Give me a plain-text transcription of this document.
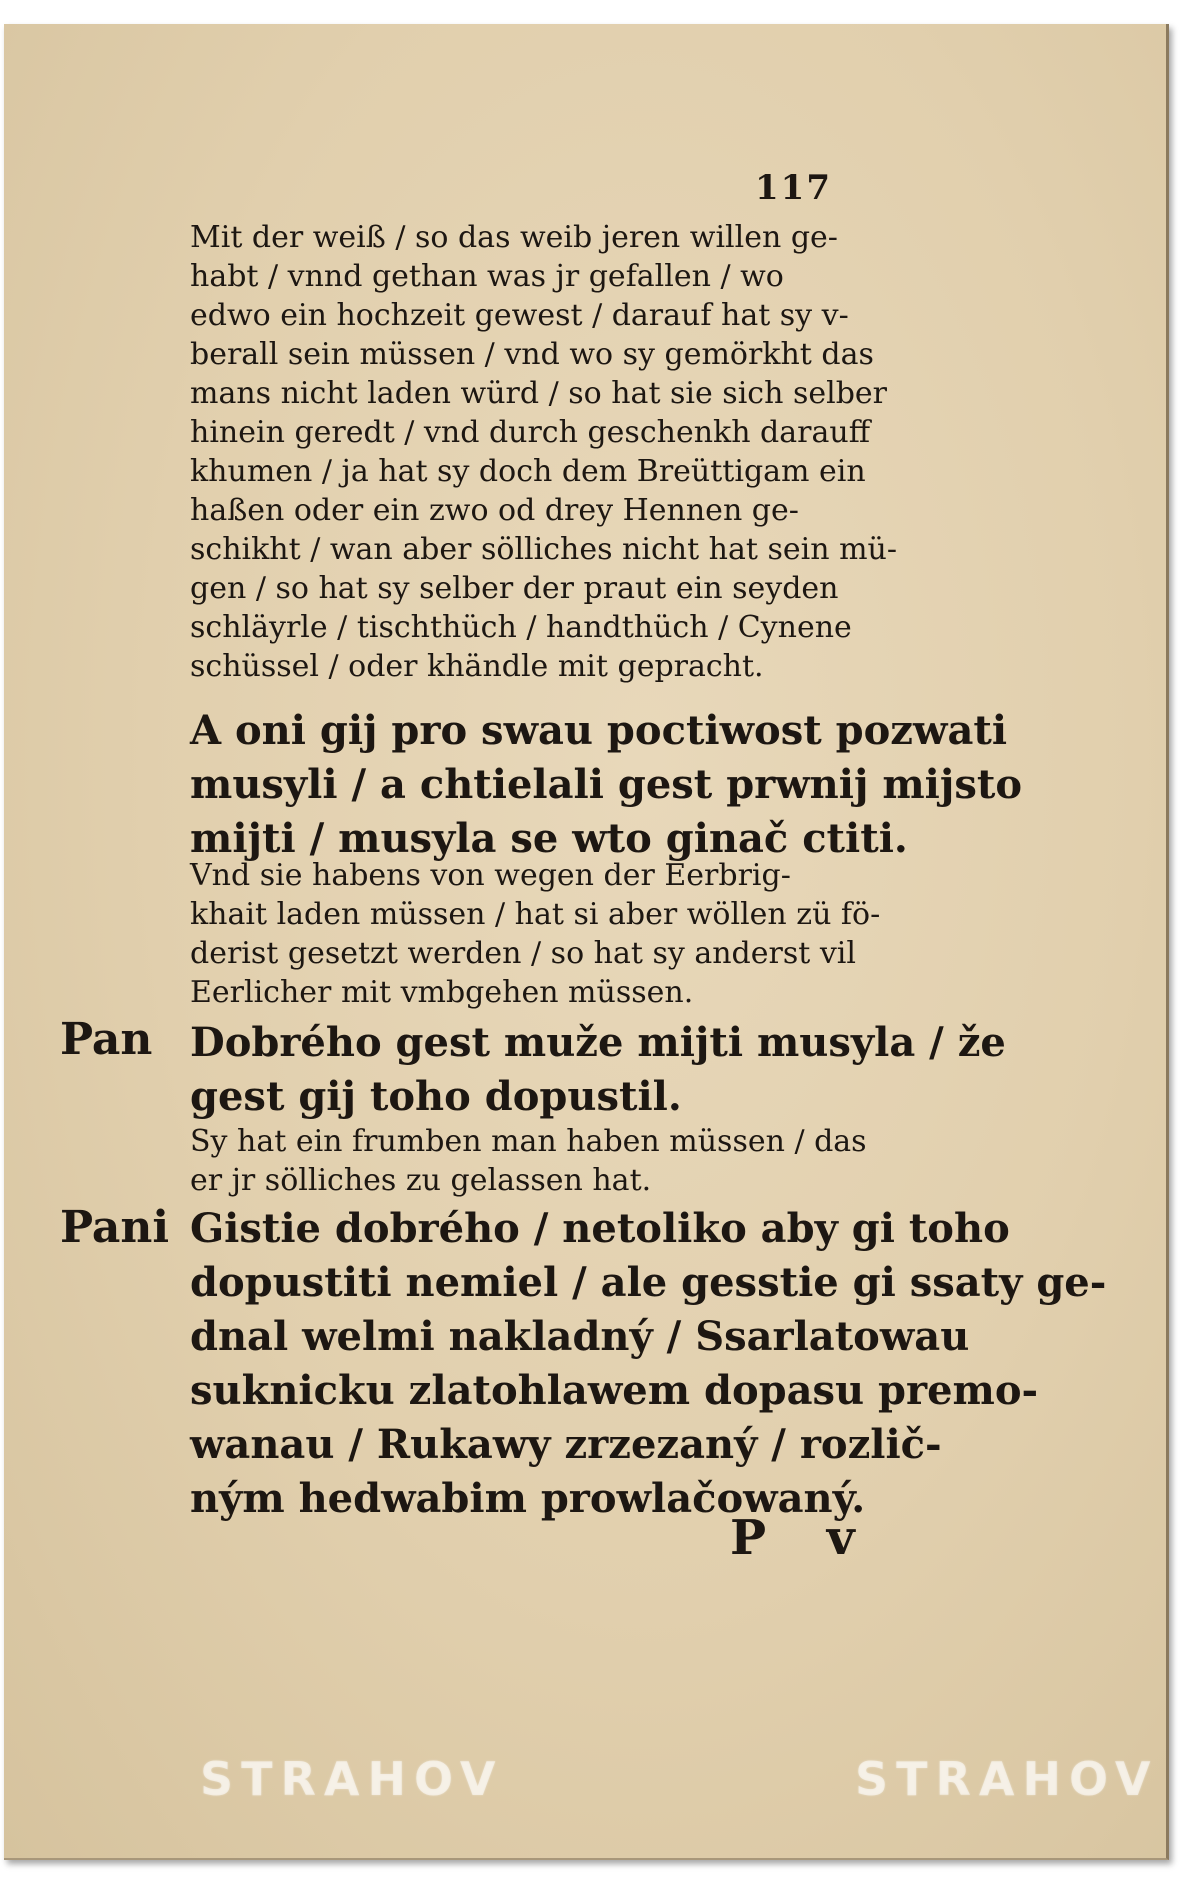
117
Mit der weiß / so das weib jeren willen ge-
habt / vnnd gethan was jr gefallen / wo
edwo ein hochzeit gewest / darauf hat sy v-
berall sein müssen / vnd wo sy gemörkht das
mans nicht laden würd / so hat sie sich selber
hinein geredt / vnd durch geschenkh darauff
khumen / ja hat sy doch dem Breüttigam ein
haßen oder ein zwo od drey Hennen ge-
schikht / wan aber sölliches nicht hat sein mü-
gen / so hat sy selber der praut ein seyden
schläyrle / tischthüch / handthüch / Cynene
schüssel / oder khändle mit gepracht.
A oni gij pro swau poctiwost pozwati
musyli / a chtielali gest prwnij mijsto
mijti / musyla se wto ginač ctiti.
Vnd sie habens von wegen der Eerbrig-
khait laden müssen / hat si aber wöllen zü fö-
derist gesetzt werden / so hat sy anderst vil
Eerlicher mit vmbgehen müssen.
Pan Dobrého gest muže mijti musyla / že
gest gij toho dopustil.
Sy hat ein frumben man haben müssen / das
er jr sölliches zu gelassen hat.
Pani Gistie dobrého / netoliko aby gi toho
dopustiti nemiel / ale gesstie gi ssaty ge-
dnal welmi nakladný / Ssarlatowau
suknicku zlatohlawem dopasu premo-
wanau / Rukawy zrzezaný / rozlič-
ným hedwabim prowlačowaný.
P v
STRAHOV	STRAHOV
